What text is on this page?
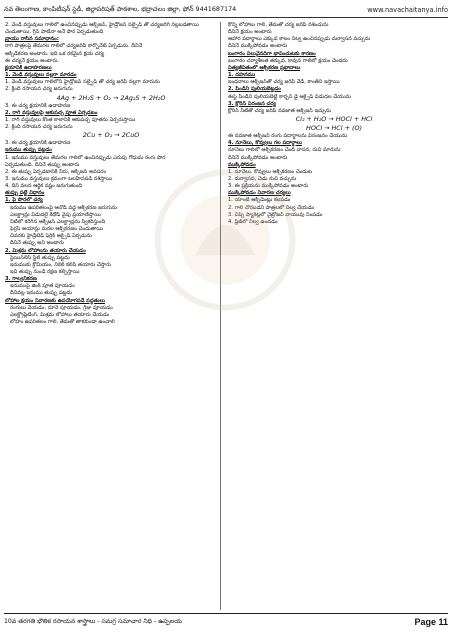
నవ తెలంగాణ, కాంపిటీషన్ స్టడీ, జిల్లాపరిషత్ పాఠశాల, భద్రాచలం జిల్లా, ఫోన్ 9441687174	www.navachaitanya.info
2. వెండి వస్తువులు గాలిలో ఉంచినప్పుడు ఆక్సిజన్, హైడ్రోజన్ సల్ఫైడ్ తో చర్యజరిగి నల్లబడతాయి
చెందుతాయి. గ్రీన్ పాటినా అనే పొర ఏర్పడుతుంది
వ్రాయు రాసిన సమాధానం:
రాగి పాత్రలపై తేమగల గాలిలో చర్యజరిపి కార్బొనేట్ ఏర్పడును. దీనినే
ఆక్సిడీకరణ అంటారు. ఇది ఒక రకమైన క్షయ చర్య
ఈ చర్యనే క్షయం అంటారు.
క్షయానికి ఉదాహరణలు
1. వెండి వస్తువులు నల్లగా మారడం
1. వెండి వస్తువులు గాలిలోని హైడ్రోజన్ సల్ఫైడ్ తో చర్య జరిపి నల్లగా మారును
2. క్రింది రసాయన చర్య జరుగును
4Ag + 2H₂S + O₂ → 2Ag₂S + 2H₂O
3. ఈ చర్య క్షయానికి ఉదాహరణ
2. రాగి వస్తువులపై ఆకుపచ్చ పూత ఏర్పడటం
1. రాగి వస్తువులు కొంత కాలానికి ఆకుపచ్చ పూతను ఏర్పరుస్తాయి
2. క్రింది రసాయన చర్య జరుగును
2Cu + O₂ → 2CuO
3. ఈ చర్య క్షయానికి ఉదాహరణ
ఇనుము తుప్పు పట్టడం
1. ఇనుము వస్తువులు తేమగల గాలిలో ఉంచినప్పుడు ఎరుపు గోధుమ రంగు పొర
ఏర్పడుతుంది. దీనినే తుప్పు అంటారు
2. ఈ తుప్పు ఏర్పడటానికి నీరు, ఆక్సిజన్ అవసరం
3. ఇనుము వస్తువులు క్రమంగా బలహీనపడి నశిస్తాయి
4. దీని వలన ఆర్థిక నష్టం జరుగుతుంది
తుప్పు పట్టే విధానం
1. పై పొరలో చర్య
ఇనుము ఉపరితలంపై ఆనోడ్ వద్ద ఆక్సీకరణ జరుగును
ఎలక్ట్రాన్లు విడుదలై కేథోడ్ వైపు ప్రయాణిస్తాయి
నీటిలో కరిగిన ఆక్సిజన్ ఎలక్ట్రాన్లను స్వీకరిస్తుంది
ఫెర్రస్ అయాన్లు మరల ఆక్సీకరణం చెందుతాయి
చివరకు హైడ్రేటెడ్ ఫెర్రిక్ ఆక్సైడ్ ఏర్పడును
దీనినే తుప్పు అని అంటారు
2. మిశ్రమ లోహాలను తయారు చేయడం
స్టెయిన్‌లెస్ స్టీల్ తుప్పు పట్టదు
ఇనుముకు క్రోమియం, నికెల్ కలిపి తయారు చేస్తారు
ఇవి తుప్పు నుండి రక్షణ కల్పిస్తాయి
3. గాల్వనీకరణ
ఇనుముపై జింక్ పూత పూయడం
దీనివల్ల ఇనుము తుప్పు పట్టదు
లోహాల క్షయం నివారణకు ఉపయోగపడే పద్ధతులు
రంగులు వేయడం, నూనె పూయడం, గ్రీజు పూయడం
ఎలక్ట్రోప్లేటింగ్, మిశ్రమ లోహాలు తయారు చేయడం
లోహం ఉపరితలం గాలి, తేమతో తాకకుండా ఉంచాలి
కొన్ని లోహాలు గాలి, తేమతో చర్య జరిపి నశించును
దీనినే క్షయం అంటారు
ఆహార పదార్థాలు ఎక్కువ కాలం నిల్వ ఉంచినప్పుడు దుర్వాసన వచ్చును
దీనినే ముక్కిపోవడం అంటారు
బంగారం విలువైనదిగా భావించుటకు కారణం
బంగారం చర్యాశీలత తక్కువ, కావున గాలిలో క్షయం చెందదు
నిత్యజీవితంలో ఆక్సీకరణ ప్రభావాలు
1. దహనము
ఇంధనాలు ఆక్సిజన్‌తో చర్య జరిపి వేడి, కాంతిని ఇస్తాయి
2. పిండిని పులియబెట్టడం
ఈస్ట్ పిండిని పులియబెట్టి కార్బన్ డై ఆక్సైడ్ విడుదల చేయును
3. క్లోరిన్ విరంజన చర్య
క్లోరిన్ నీటితో చర్య జరిపి నవజాత ఆక్సిజన్ ఇచ్చును
Cl₂ + H₂O → HOCl + HCl
HOCl → HCl + (O)
ఈ నవజాత ఆక్సిజన్ రంగు పదార్థాలను విరంజనం చేయును
4. నూనెలు, కొవ్వులు గల పదార్థాలు
నూనెలు గాలిలో ఆక్సీకరణం చెంది వాసన, రుచి మారును
దీనినే ముక్కిపోవడం అంటారు
ముక్కిపోవడం
1. నూనెలు, కొవ్వులు ఆక్సీకరణం చెందుట
2. దుర్వాసన, చెడు రుచి వచ్చును
3. ఈ ప్రక్రియను ముక్కిపోవడం అంటారు
ముక్కిపోవడం నివారణ చర్యలు
1. యాంటీ ఆక్సిడెంట్లు కలపడం
2. గాలి చొరబడని పాత్రలలో నిల్వ చేయడం
3. చిప్స్ ప్యాకెట్లలో నైట్రోజన్ వాయువు నింపడం
4. ఫ్రిజ్‌లో నిల్వ ఉంచడం
10వ తరగతి భౌతిక రసాయన శాస్త్రాలు - సమగ్ర సమాచార నిధి - ఉప్పలయ	Page 11
